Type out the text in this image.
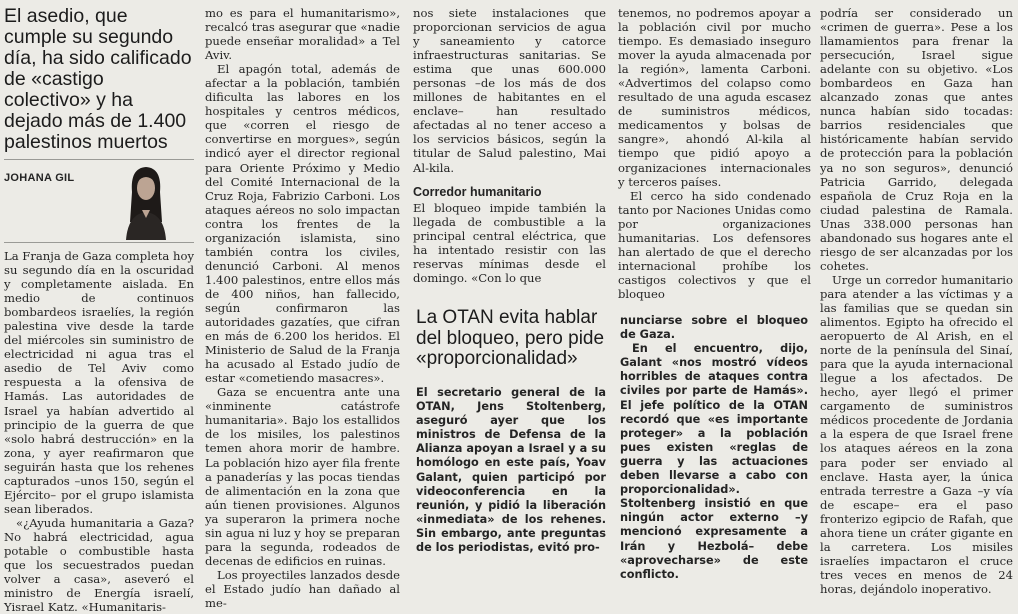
El asedio, que cumple su segundo día, ha sido calificado de «castigo colectivo» y ha dejado más de 1.400 palestinos muertos
JOHANA GIL

La Franja de Gaza completa hoy su segundo día en la oscuridad y completamente aislada. En medio de continuos bombardeos israelíes, la región palestina vive desde la tarde del miércoles sin suministro de electricidad ni agua tras el asedio de Tel Aviv como respuesta a la ofensiva de Hamás. Las autoridades de Israel ya habían advertido al principio de la guerra de que «solo habrá destrucción» en la zona, y ayer reafirmaron que seguirán hasta que los rehenes capturados –unos 150, según el Ejército– por el grupo islamista sean liberados.

«¿Ayuda humanitaria a Gaza? No habrá electricidad, agua potable o combustible hasta que los secuestrados puedan volver a casa», aseveró el ministro de Energía israelí, Yisrael Katz. «Humanitaris-

mo es para el humanitarismo», recalcó tras asegurar que «nadie puede enseñar moralidad» a Tel Aviv.

El apagón total, además de afectar a la población, también dificulta las labores en los hospitales y centros médicos, que «corren el riesgo de convertirse en morgues», según indicó ayer el director regional para Oriente Próximo y Medio del Comité Internacional de la Cruz Roja, Fabrizio Carboni. Los ataques aéreos no solo impactan contra los frentes de la organización islamista, sino también contra los civiles, denunció Carboni. Al menos 1.400 palestinos, entre ellos más de 400 niños, han fallecido, según confirmaron las autoridades gazatíes, que cifran en más de 6.200 los heridos. El Ministerio de Salud de la Franja ha acusado al Estado judío de estar «cometiendo masacres».

Gaza se encuentra ante una «inminente catástrofe humanitaria». Bajo los estallidos de los misiles, los palestinos temen ahora morir de hambre. La población hizo ayer fila frente a panaderías y las pocas tiendas de alimentación en la zona que aún tienen provisiones. Algunos ya superaron la primera noche sin agua ni luz y hoy se preparan para la segunda, rodeados de decenas de edificios en ruinas.

Los proyectiles lanzados desde el Estado judío han dañado al me-

nos siete instalaciones que proporcionan servicios de agua y saneamiento y catorce infraestructuras sanitarias. Se estima que unas 600.000 personas –de los más de dos millones de habitantes en el enclave– han resultado afectadas al no tener acceso a los servicios básicos, según la titular de Salud palestino, Mai Al-kila.

Corredor humanitario

El bloqueo impide también la llegada de combustible a la principal central eléctrica, que ha intentado resistir con las reservas mínimas desde el domingo. «Con lo que

tenemos, no podremos apoyar a la población civil por mucho tiempo. Es demasiado inseguro mover la ayuda almacenada por la región», lamenta Carboni. «Advertimos del colapso como resultado de una aguda escasez de suministros médicos, medicamentos y bolsas de sangre», ahondó Al-kila al tiempo que pidió apoyo a organizaciones internacionales y terceros países.

El cerco ha sido condenado tanto por Naciones Unidas como por organizaciones humanitarias. Los defensores han alertado de que el derecho internacional prohíbe los castigos colectivos y que el bloqueo

podría ser considerado un «crimen de guerra». Pese a los llamamientos para frenar la persecución, Israel sigue adelante con su objetivo. «Los bombardeos en Gaza han alcanzado zonas que antes nunca habían sido tocadas: barrios residenciales que históricamente habían servido de protección para la población ya no son seguros», denunció Patricia Garrido, delegada española de Cruz Roja en la ciudad palestina de Ramala. Unas 338.000 personas han abandonado sus hogares ante el riesgo de ser alcanzadas por los cohetes.

Urge un corredor humanitario para atender a las víctimas y a las familias que se quedan sin alimentos. Egipto ha ofrecido el aeropuerto de Al Arish, en el norte de la península del Sinaí, para que la ayuda internacional llegue a los afectados. De hecho, ayer llegó el primer cargamento de suministros médicos procedente de Jordania a la espera de que Israel frene los ataques aéreos en la zona para poder ser enviado al enclave. Hasta ayer, la única entrada terrestre a Gaza –y vía de escape– era el paso fronterizo egipcio de Rafah, que ahora tiene un cráter gigante en la carretera. Los misiles israelíes impactaron el cruce tres veces en menos de 24 horas, dejándolo inoperativo.

La OTAN evita hablar del bloqueo, pero pide «proporcionalidad»

El secretario general de la OTAN, Jens Stoltenberg, aseguró ayer que los ministros de Defensa de la Alianza apoyan a Israel y a su homólogo en este país, Yoav Galant, quien participó por videoconferencia en la reunión, y pidió la liberación «inmediata» de los rehenes. Sin embargo, ante preguntas de los periodistas, evitó pro-

nunciarse sobre el bloqueo de Gaza.

En el encuentro, dijo, Galant «nos mostró vídeos horribles de ataques contra civiles por parte de Hamás». El jefe político de la OTAN recordó que «es importante proteger» a la población pues existen «reglas de guerra y las actuaciones deben llevarse a cabo con proporcionalidad». Stoltenberg insistió en que ningún actor externo –y mencionó expresamente a Irán y Hezbolá– debe «aprovecharse» de este conflicto.
